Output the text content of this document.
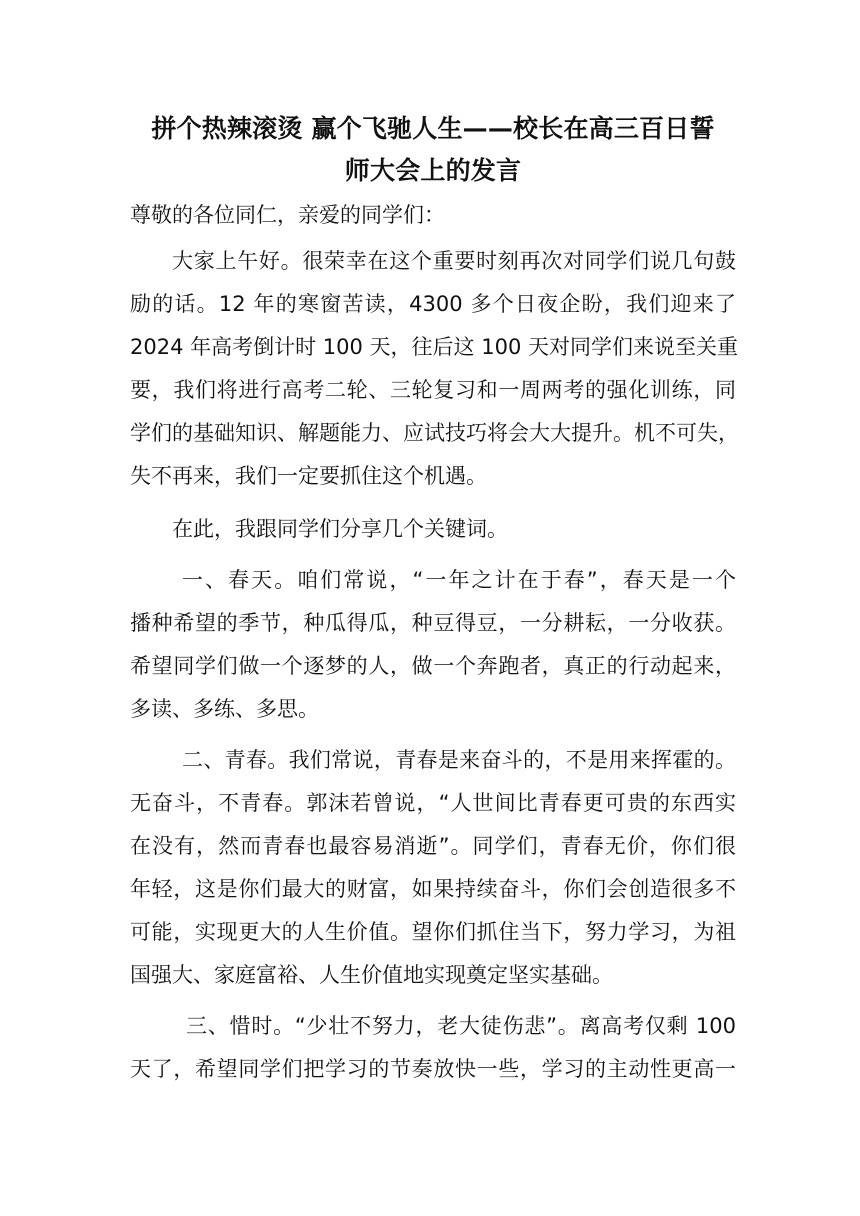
拼个热辣滚烫 赢个飞驰人生——校长在高三百日誓
师大会上的发言

尊敬的各位同仁，亲爱的同学们：

大家上午好。很荣幸在这个重要时刻再次对同学们说几句鼓
励的话。12 年的寒窗苦读，4300 多个日夜企盼，我们迎来了
2024 年高考倒计时 100 天，往后这 100 天对同学们来说至关重
要，我们将进行高考二轮、三轮复习和一周两考的强化训练，同
学们的基础知识、解题能力、应试技巧将会大大提升。机不可失，
失不再来，我们一定要抓住这个机遇。

在此，我跟同学们分享几个关键词。

一、春天。咱们常说，“一年之计在于春”，春天是一个
播种希望的季节，种瓜得瓜，种豆得豆，一分耕耘，一分收获。
希望同学们做一个逐梦的人，做一个奔跑者，真正的行动起来，
多读、多练、多思。

二、青春。我们常说，青春是来奋斗的，不是用来挥霍的。
无奋斗，不青春。郭沫若曾说，“人世间比青春更可贵的东西实
在没有，然而青春也最容易消逝”。同学们，青春无价，你们很
年轻，这是你们最大的财富，如果持续奋斗，你们会创造很多不
可能，实现更大的人生价值。望你们抓住当下，努力学习，为祖
国强大、家庭富裕、人生价值地实现奠定坚实基础。

三、惜时。“少壮不努力，老大徒伤悲”。离高考仅剩 100
天了，希望同学们把学习的节奏放快一些，学习的主动性更高一
